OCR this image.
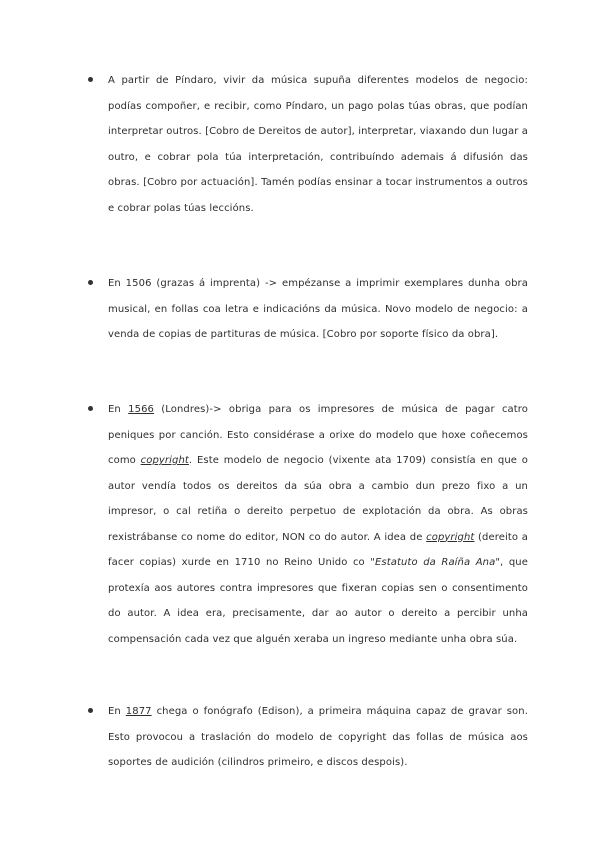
A partir de Píndaro, vivir da música supuña diferentes modelos de negocio: podías compoñer, e recibir, como Píndaro, un pago polas túas obras, que podían interpretar outros. [Cobro de Dereitos de autor], interpretar, viaxando dun lugar a outro, e cobrar pola túa interpretación, contribuíndo ademais á difusión das obras. [Cobro por actuación]. Tamén podías ensinar a tocar instrumentos a outros e cobrar polas túas leccións.
En 1506 (grazas á imprenta) -> empézanse a imprimir exemplares dunha obra musical, en follas coa letra e indicacións da música. Novo modelo de negocio: a venda de copias de partituras de música. [Cobro por soporte físico da obra].
En 1566 (Londres)-> obriga para os impresores de música de pagar catro peniques por canción. Esto considérase a orixe do modelo que hoxe coñecemos como copyright. Este modelo de negocio (vixente ata 1709) consistía en que o autor vendía todos os dereitos da súa obra a cambio dun prezo fixo a un impresor, o cal retiña o dereito perpetuo de explotación da obra. As obras rexistrábanse co nome do editor, NON co do autor. A idea de copyright (dereito a facer copias) xurde en 1710 no Reino Unido co "Estatuto da Raíña Ana", que protexía aos autores contra impresores que fixeran copias sen o consentimento do autor. A idea era, precisamente, dar ao autor o dereito a percibir unha compensación cada vez que alguén xeraba un ingreso mediante unha obra súa.
En 1877 chega o fonógrafo (Edison), a primeira máquina capaz de gravar son. Esto provocou a traslación do modelo de copyright das follas de música aos soportes de audición (cilindros primeiro, e discos despois).
